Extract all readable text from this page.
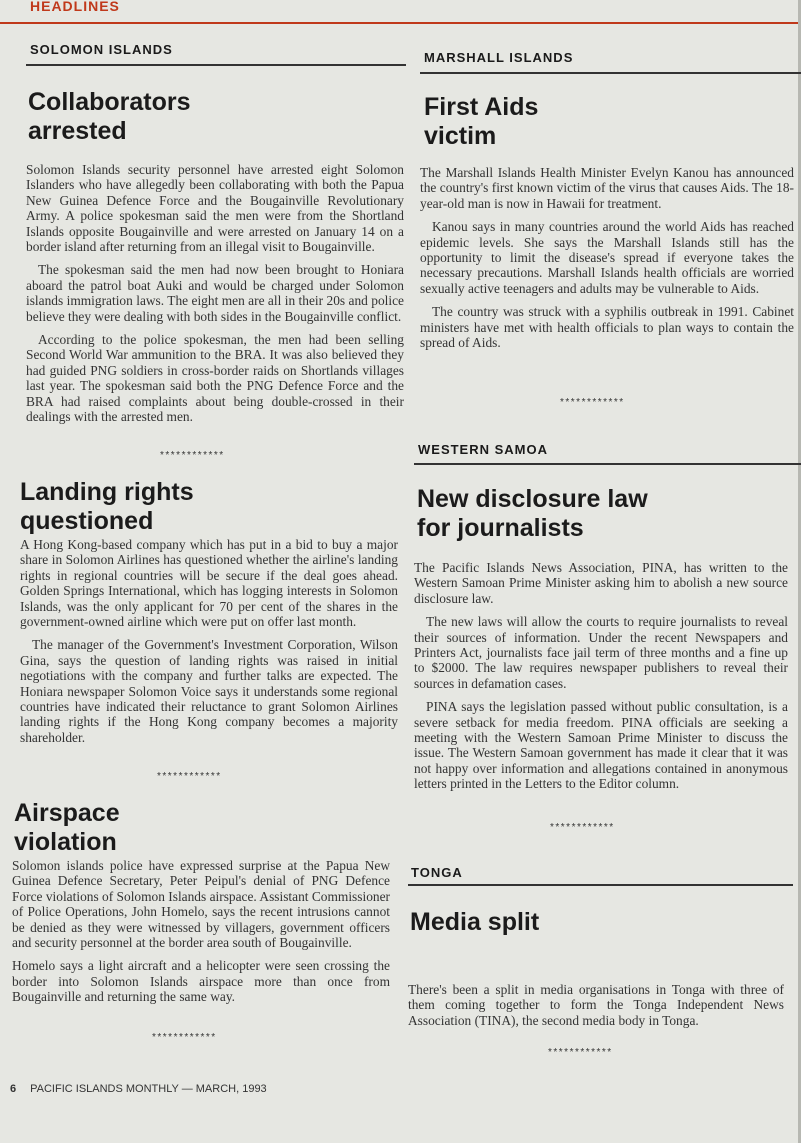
HEADLINES
SOLOMON ISLANDS
Collaborators arrested

Solomon Islands security personnel have arrested eight Solomon Islanders who have allegedly been collaborating with both the Papua New Guinea Defence Force and the Bougainville Revolutionary Army. A police spokesman said the men were from the Shortland Islands opposite Bougainville and were arrested on January 14 on a border island after returning from an illegal visit to Bougainville.

The spokesman said the men had now been brought to Honiara aboard the patrol boat Auki and would be charged under Solomon islands immigration laws. The eight men are all in their 20s and police believe they were dealing with both sides in the Bougainville conflict.

According to the police spokesman, the men had been selling Second World War ammunition to the BRA. It was also believed they had guided PNG soldiers in cross-border raids on Shortlands villages last year. The spokesman said both the PNG Defence Force and the BRA had raised complaints about being double-crossed in their dealings with the arrested men.

************
Landing rights questioned

A Hong Kong-based company which has put in a bid to buy a major share in Solomon Airlines has questioned whether the airline's landing rights in regional countries will be secure if the deal goes ahead. Golden Springs International, which has logging interests in Solomon Islands, was the only applicant for 70 per cent of the shares in the government-owned airline which were put on offer last month.

The manager of the Government's Investment Corporation, Wilson Gina, says the question of landing rights was raised in initial negotiations with the company and further talks are expected. The Honiara newspaper Solomon Voice says it understands some regional countries have indicated their reluctance to grant Solomon Airlines landing rights if the Hong Kong company becomes a majority shareholder.

************
Airspace violation

Solomon islands police have expressed surprise at the Papua New Guinea Defence Secretary, Peter Peipul's denial of PNG Defence Force violations of Solomon Islands airspace. Assistant Commissioner of Police Operations, John Homelo, says the recent intrusions cannot be denied as they were witnessed by villagers, government officers and security personnel at the border area south of Bougainville.

Homelo says a light aircraft and a helicopter were seen crossing the border into Solomon Islands airspace more than once from Bougainville and returning the same way.

************
MARSHALL ISLANDS
First Aids victim

The Marshall Islands Health Minister Evelyn Kanou has announced the country's first known victim of the virus that causes Aids. The 18-year-old man is now in Hawaii for treatment.

Kanou says in many countries around the world Aids has reached epidemic levels. She says the Marshall Islands still has the opportunity to limit the disease's spread if everyone takes the necessary precautions. Marshall Islands health officials are worried sexually active teenagers and adults may be vulnerable to Aids.

The country was struck with a syphilis outbreak in 1991. Cabinet ministers have met with health officials to plan ways to contain the spread of Aids.

************
WESTERN SAMOA
New disclosure law for journalists

The Pacific Islands News Association, PINA, has written to the Western Samoan Prime Minister asking him to abolish a new source disclosure law.

The new laws will allow the courts to require journalists to reveal their sources of information. Under the recent Newspapers and Printers Act, journalists face jail term of three months and a fine up to $2000. The law requires newspaper publishers to reveal their sources in defamation cases.

PINA says the legislation passed without public consultation, is a severe setback for media freedom. PINA officials are seeking a meeting with the Western Samoan Prime Minister to discuss the issue. The Western Samoan government has made it clear that it was not happy over information and allegations contained in anonymous letters printed in the Letters to the Editor column.

************
TONGA
Media split

There's been a split in media organisations in Tonga with three of them coming together to form the Tonga Independent News Association (TINA), the second media body in Tonga.

************
6 PACIFIC ISLANDS MONTHLY — MARCH, 1993
